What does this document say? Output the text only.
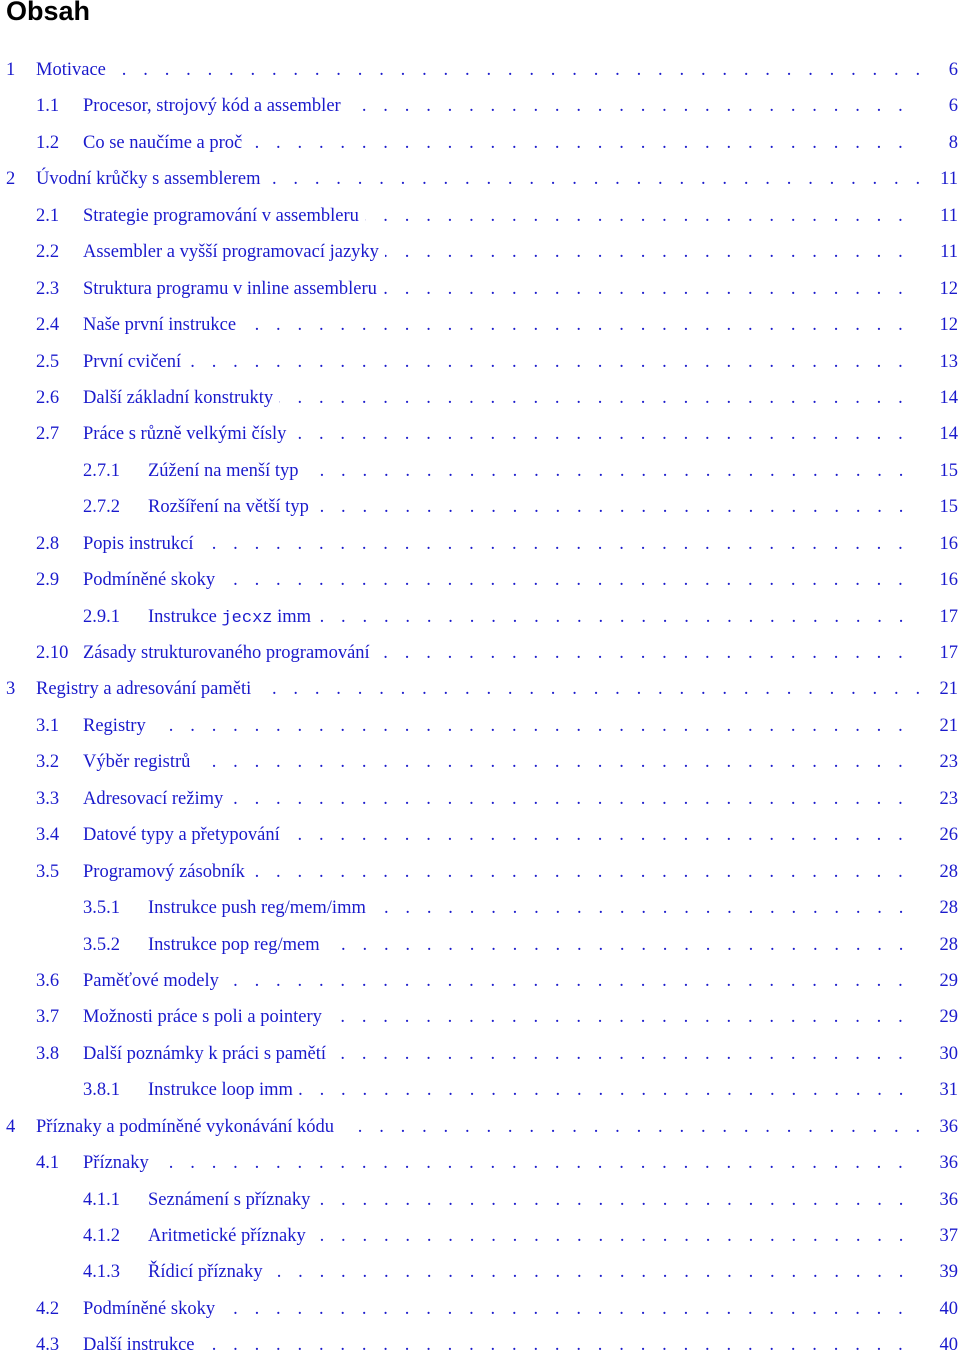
Obsah
1 Motivace . . .	6
1.1 Procesor, strojový kód a assembler . . .	6
1.2 Co se naučíme a proč . . .	8
2 Úvodní krůčky s assemblerem . . .	11
2.1 Strategie programování v assembleru . . .	11
2.2 Assembler a vyšší programovací jazyky . . .	11
2.3 Struktura programu v inline assembleru . . .	12
2.4 Naše první instrukce . . .	12
2.5 První cvičení . . .	13
2.6 Další základní konstrukty . . .	14
2.7 Práce s různě velkými čísly . . .	14
2.7.1 Zúžení na menší typ . . .	15
2.7.2 Rozšíření na větší typ . . .	15
2.8 Popis instrukcí . . .	16
2.9 Podmíněné skoky . . .	16
2.9.1 Instrukce jecxz imm . . .	17
2.10 Zásady strukturovaného programování . . .	17
3 Registry a adresování paměti . . .	21
3.1 Registry . . .	21
3.2 Výběr registrů . . .	23
3.3 Adresovací režimy . . .	23
3.4 Datové typy a přetypování . . .	26
3.5 Programový zásobník . . .	28
3.5.1 Instrukce push reg/mem/imm . . .	28
3.5.2 Instrukce pop reg/mem . . .	28
3.6 Paměťové modely . . .	29
3.7 Možnosti práce s poli a pointery . . .	29
3.8 Další poznámky k práci s pamětí . . .	30
3.8.1 Instrukce loop imm . . .	31
4 Příznaky a podmíněné vykonávání kódu . . .	36
4.1 Příznaky . . .	36
4.1.1 Seznámení s příznaky . . .	36
4.1.2 Aritmetické příznaky . . .	37
4.1.3 Řídicí příznaky . . .	39
4.2 Podmíněné skoky . . .	40
4.3 Další instrukce . . .	40
